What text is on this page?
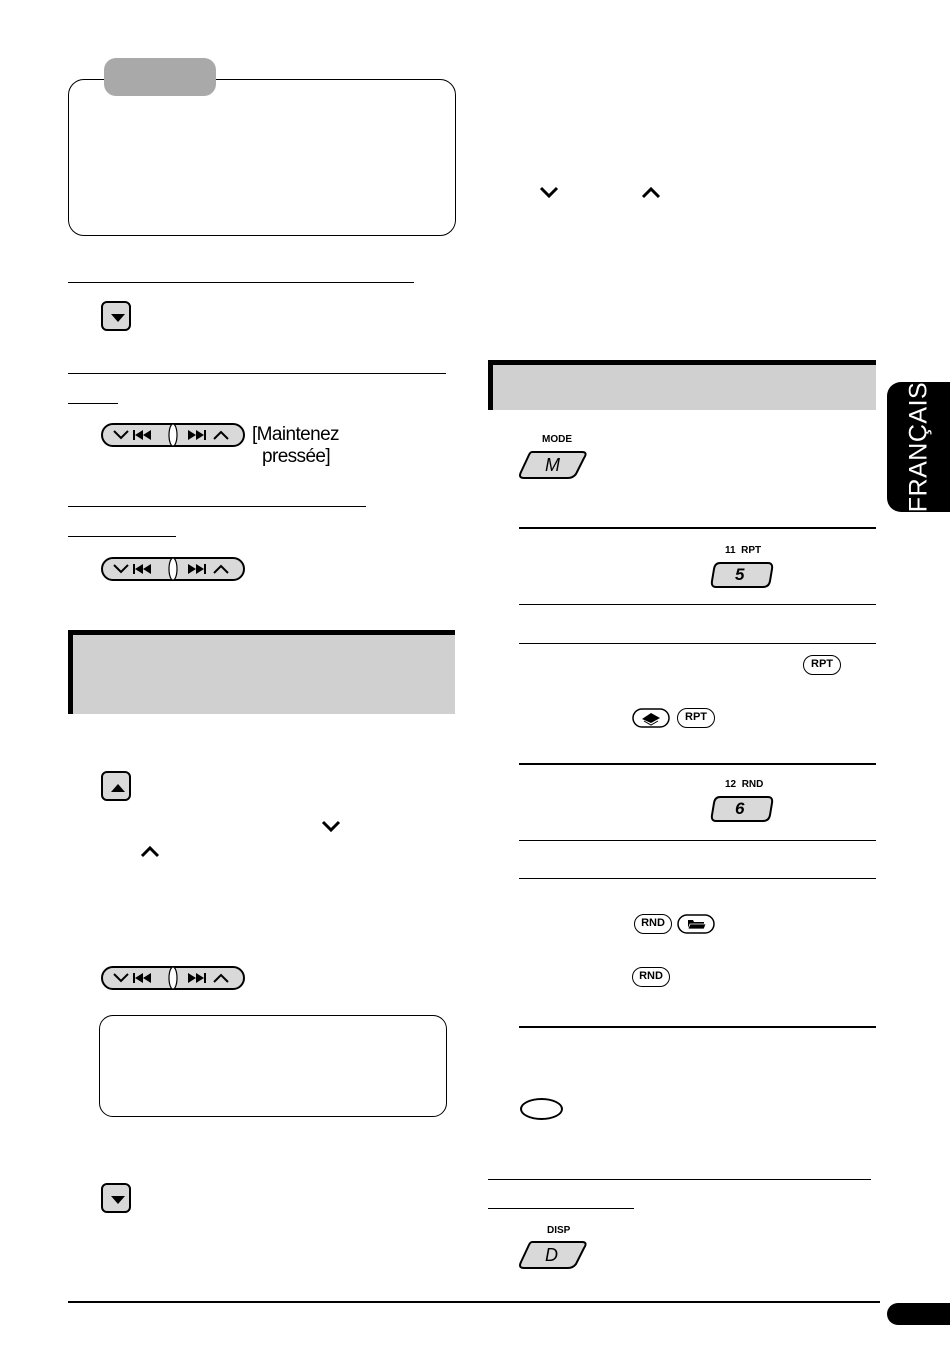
[Maintenez
pressée]
MODE
M
11 RPT
5
RPT
RPT
12 RND
6
RND
RND
DISP
D
FRANÇAIS
